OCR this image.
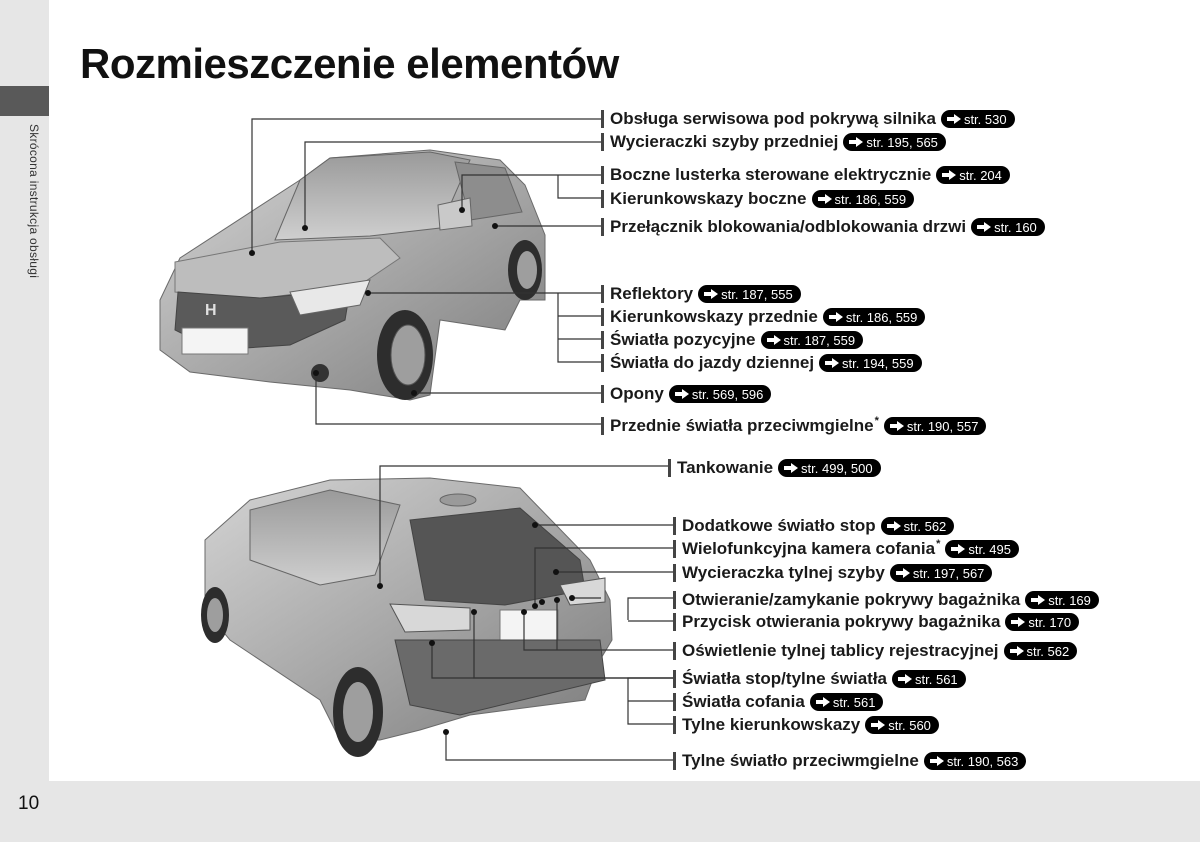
Skrócona instrukcja obsługi
Rozmieszczenie elementów
10
H
Obsługa serwisowa pod pokrywą silnika str. 530
Wycieraczki szyby przedniej str. 195, 565
Boczne lusterka sterowane elektrycznie str. 204
Kierunkowskazy boczne str. 186, 559
Przełącznik blokowania/odblokowania drzwi str. 160
Reflektory str. 187, 555
Kierunkowskazy przednie str. 186, 559
Światła pozycyjne str. 187, 559
Światła do jazdy dziennej str. 194, 559
Opony str. 569, 596
Przednie światła przeciwmgielne * str. 190, 557
Tankowanie str. 499, 500
Dodatkowe światło stop str. 562
Wielofunkcyjna kamera cofania * str. 495
Wycieraczka tylnej szyby str. 197, 567
Otwieranie/zamykanie pokrywy bagażnika str. 169
Przycisk otwierania pokrywy bagażnika str. 170
Oświetlenie tylnej tablicy rejestracyjnej str. 562
Światła stop/tylne światła str. 561
Światła cofania str. 561
Tylne kierunkowskazy str. 560
Tylne światło przeciwmgielne str. 190, 563
